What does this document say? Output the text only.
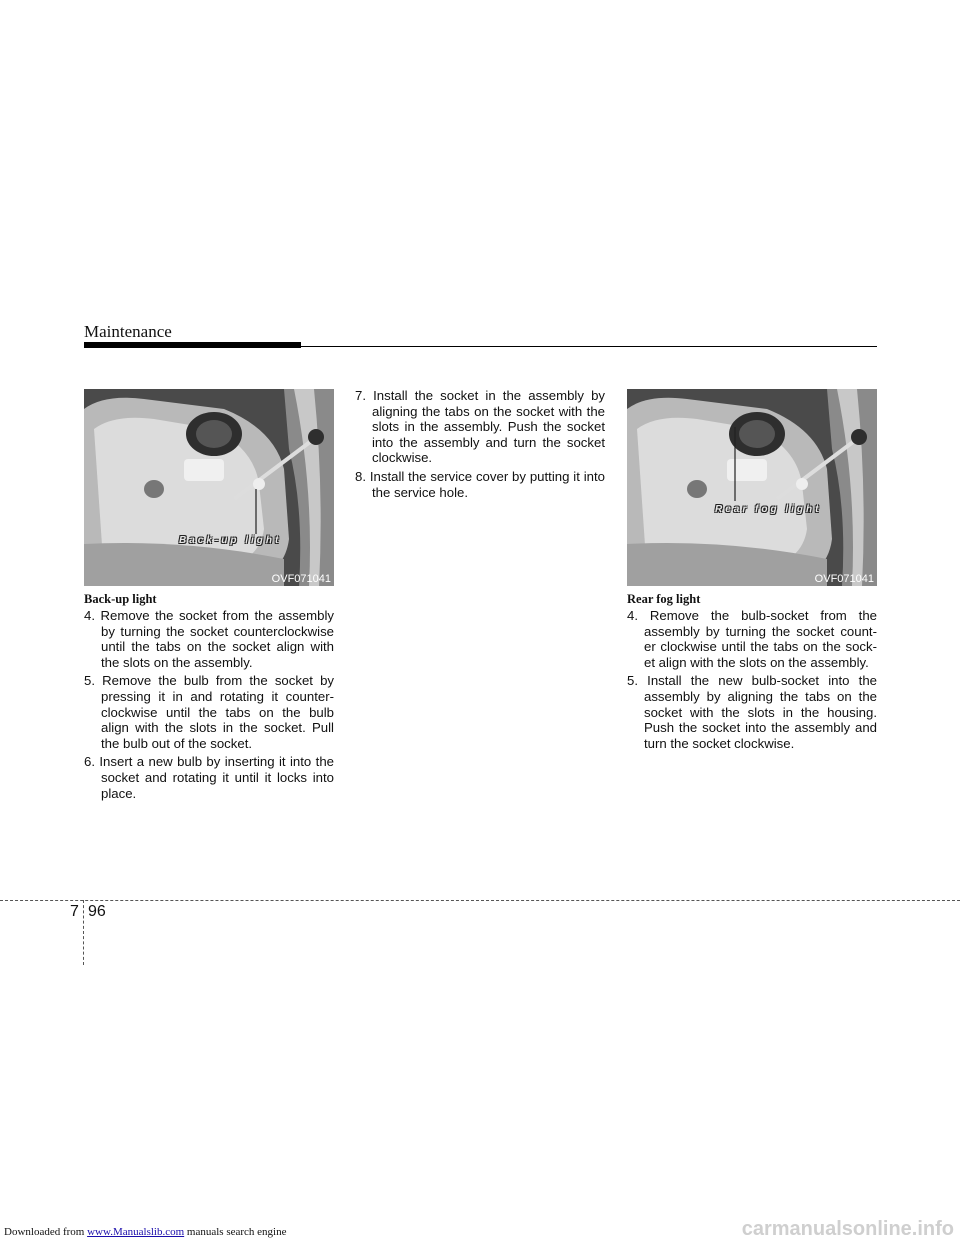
Maintenance
Back-up light
OVF071041
Rear fog light
OVF071041
Back-up light
4. Remove the socket from the assembly by turning the socket counterclockwise until the tabs on the socket align with the slots on the assembly.
5. Remove the bulb from the socket by pressing it in and rotating it counter-clockwise until the tabs on the bulb align with the slots in the socket. Pull the bulb out of the socket.
6. Insert a new bulb by inserting it into the socket and rotating it until it locks into place.
7. Install the socket in the assembly by aligning the tabs on the socket with the slots in the assembly. Push the socket into the assembly and turn the socket clockwise.
8. Install the service cover by putting it into the service hole.
Rear fog light
4. Remove the bulb-socket from the assembly by turning the socket count-er clockwise until the tabs on the sock-et align with the slots on the assembly.
5. Install the new bulb-socket into the assembly by aligning the tabs on the socket with the slots in the housing. Push the socket into the assembly and turn the socket clockwise.
7 96
Downloaded from www.Manualslib.com manuals search engine	carmanualsonline.info
